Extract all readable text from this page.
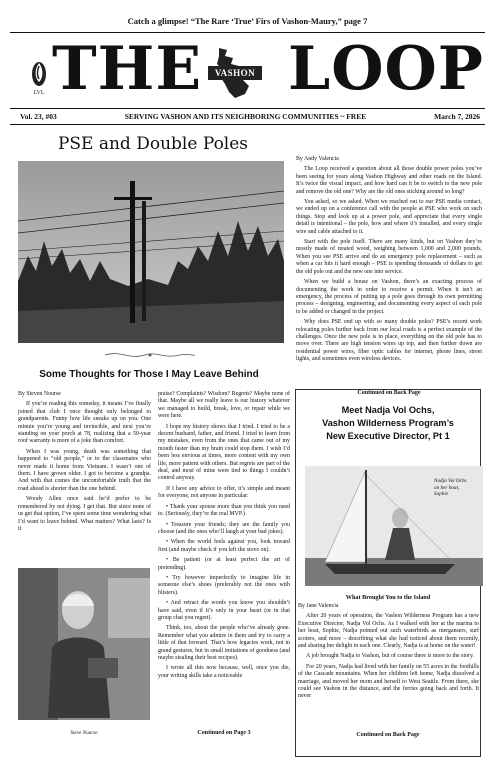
Catch a glimpse! “The Rare ‘True’ Firs of Vashon-Maury,” page 7
LVL THE	VASHON LOOP
Vol. 23, #03	SERVING VASHON AND ITS NEIGHBORING COMMUNITIES ~ FREE	March 7, 2026
PSE and Double Poles

By Andy Valencia

The Loop received a question about all those double power poles you’ve been seeing for years along Vashon Highway and other roads on the Island. It’s twice the visual impact, and how hard can it be to switch to the new pole and remove the old one? Why are the old ones sticking around so long?

You asked, so we asked. When we reached out to our PSE media contact, we ended up on a conference call with the people at PSE who work on such things. Stop and look up at a power pole, and appreciate that every single detail is intentional – the pole, how and where it’s installed, and every single wire and cable attached to it.

Start with the pole itself. There are many kinds, but on Vashon they’re mostly made of treated wood, weighing between 1,000 and 2,000 pounds. When you see PSE arrive and do an emergency pole replacement – such as when a car hits it hard enough – PSE is spending thousands of dollars to get the old pole out and the new one into service.

When we build a house on Vashon, there’s an exacting process of documenting the work in order to receive a permit. When it isn’t an emergency, the process of putting up a pole goes through its own permitting process – designing, engineering, and documenting every aspect of each pole to be added or changed in the project.

Why does PSE end up with so many double poles? PSE’s recent work relocating poles further back from our local roads is a perfect example of the challenges. Once the new pole is in place, everything on the old pole has to move over. There are high tension wires up top, and then further down are residential power wires, fiber optic cables for internet, phone lines, street lights, and sometimes even wireless devices.

Continued on Back Page
Some Thoughts for Those I May Leave Behind

By Steven Nourse

If you’re reading this someday, it means I’ve finally joined that club I once thought only belonged to grandparents. Funny how life sneaks up on you. One minute you’re young and invincible, and next you’re standing on your porch at 78, realizing that a 50-year roof warranty is more of a joke than comfort.

When I was young, death was something that happened to “old people,” or to the classmates who never made it home from Vietnam. I wasn’t one of them. I have grown older. I got to become a grandpa. And with that comes the uncomfortable truth that the road ahead is shorter than the one behind.

Woody Allen once said he’d prefer to be remembered by not dying. I get that. But since none of us get that option, I’ve spent some time wondering what I’d want to leave behind. What matters? What lasts? Is it

Steve Nourse

praise? Complaints? Wisdom? Regrets? Maybe none of that. Maybe all we really leave is our history whatever we managed to build, break, love, or repair while we were here.

I hope my history shows that I tried. I tried to be a decent husband, father, and friend. I tried to learn from my mistakes, even from the ones that came out of my mouth faster than my brain could stop them. I wish I’d been less envious at times, more content with my own life, more patient with others. But regrets are part of the deal, and most of mine were tied to things I couldn’t control anyway.

If I have any advice to offer, it’s simple and meant for everyone, not anyone in particular:

• Thank your spouse more than you think you need to. (Seriously, they’re the real MVP.)

• Treasure your friends; they are the family you choose (and the ones who’ll laugh at your bad jokes).

• When the world feels against you, look inward first (and maybe check if you left the stove on).

• Be patient (or at least perfect the art of pretending).

• Try however imperfectly to imagine life in someone else’s shoes (preferably not the ones with blisters).

• And retract the words you know you shouldn’t have said, even if it’s only in your heart (or in that group chat you regret).

Think, too, about the people who’ve already gone. Remember what you admire in them and try to carry a little of that forward. That’s how legacies work, not in grand gestures, but in small imitations of goodness (and maybe stealing their best recipes).

I wrote all this now because, well, once you die, your writing skills take a noticeable

Continued on Page 3
Meet Nadja Vol Ochs,
Vashon Wilderness Program’s
New Executive Director, Pt 1
Nadja Vol Ochs
on her boat,
Sophie
What Brought You to the Island

By Jane Valencia

After 20 years of operation, the Vashon Wilderness Program has a new Executive Director, Nadja Vol Ochs. As I walked with her at the marina to her boat, Sophie, Nadja pointed out such waterbirds as mergansers, surf scoters, and more – describing what she had noticed about them recently, and sharing her delight in each one. Clearly, Nadja is at home on the water!

A job brought Nadja to Vashon, but of course there is more to the story.

For 20 years, Nadja had lived with her family on 55 acres in the foothills of the Cascade mountains. When her children left home, Nadja dissolved a marriage, and moved her mom and herself to West Seattle. From there, she could see Vashon in the distance, and the ferries going back and forth. It never

Continued on Back Page
